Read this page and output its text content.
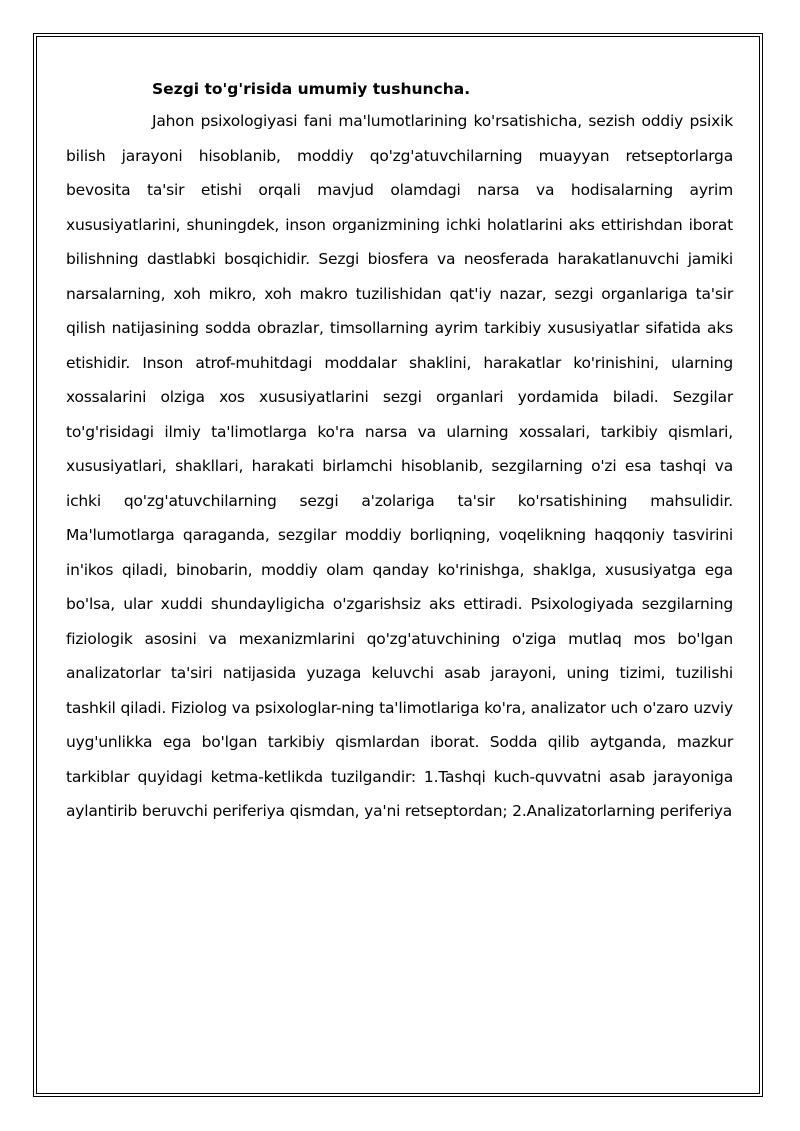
Sezgi to'g'risida umumiy tushuncha.

Jahon psixologiyasi fani ma'lumotlarining ko'rsatishicha, sezish oddiy psixik bilish jarayoni hisoblanib, moddiy qo'zg'atuvchilarning muayyan retseptorlarga bevosita ta'sir etishi orqali mavjud olamdagi narsa va hodisalarning ayrim xususiyatlarini, shuningdek, inson organizmining ichki holatlarini aks ettirishdan iborat bilishning dastlabki bosqichidir. Sezgi biosfera va neosferada harakatlanuvchi jamiki narsalarning, xoh mikro, xoh makro tuzilishidan qat'iy nazar, sezgi organlariga ta'sir qilish natijasining sodda obrazlar, timsollarning ayrim tarkibiy xususiyatlar sifatida aks etishidir. Inson atrof-muhitdagi moddalar shaklini, harakatlar ko'rinishini, ularning xossalarini olziga xos xususiyatlarini sezgi organlari yordamida biladi. Sezgilar to'g'risidagi ilmiy ta'limotlarga ko'ra narsa va ularning xossalari, tarkibiy qismlari, xususiyatlari, shakllari, harakati birlamchi hisoblanib, sezgilarning o'zi esa tashqi va ichki qo'zg'atuvchilarning sezgi a'zolariga ta'sir ko'rsatishining mahsulidir. Ma'lumotlarga qaraganda, sezgilar moddiy borliqning, voqelikning haqqoniy tasvirini in'ikos qiladi, binobarin, moddiy olam qanday ko'rinishga, shaklga, xususiyatga ega bo'lsa, ular xuddi shundayligicha o'zgarishsiz aks ettiradi. Psixologiyada sezgilarning fiziologik asosini va mexanizmlarini qo'zg'atuvchining o'ziga mutlaq mos bo'lgan analizatorlar ta'siri natijasida yuzaga keluvchi asab jarayoni, uning tizimi, tuzilishi tashkil qiladi. Fiziolog va psixologlar-ning ta'limotlariga ko'ra, analizator uch o'zaro uzviy uyg'unlikka ega bo'lgan tarkibiy qismlardan iborat. Sodda qilib aytganda, mazkur tarkiblar quyidagi ketma-ketlikda tuzilgandir: 1.Tashqi kuch-quvvatni asab jarayoniga aylantirib beruvchi periferiya qismdan, ya'ni retseptordan; 2.Analizatorlarning periferiya
